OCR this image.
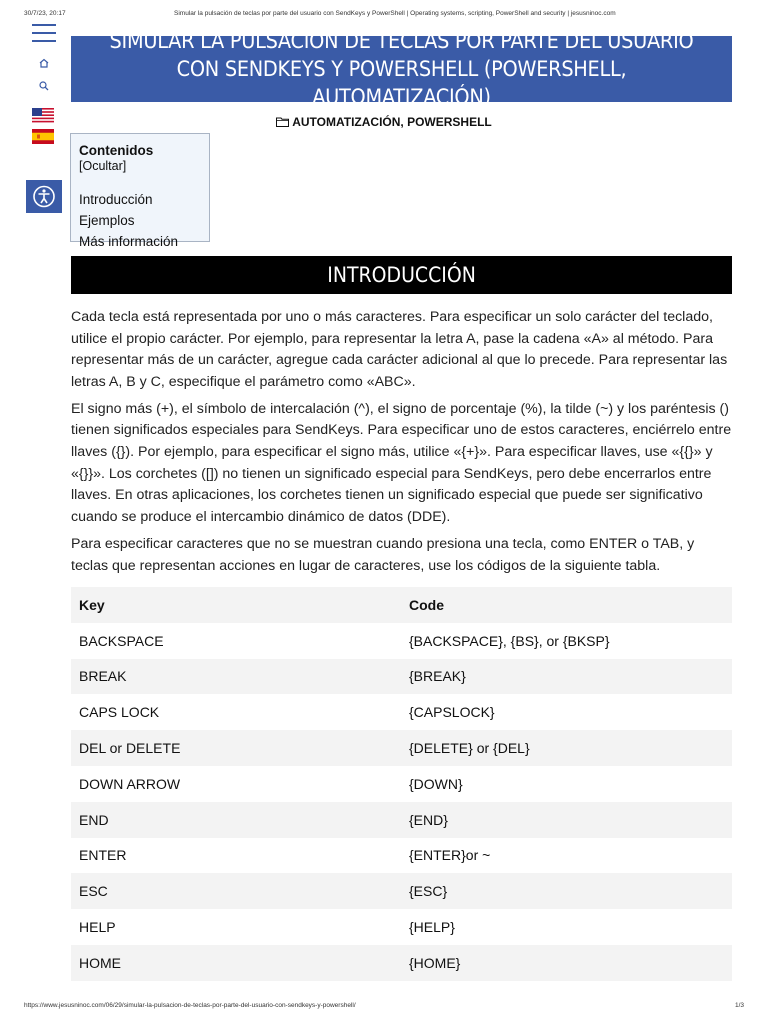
30/7/23, 20:17	Simular la pulsación de teclas por parte del usuario con SendKeys y PowerShell | Operating systems, scripting, PowerShell and security | jesusninoc.com
SIMULAR LA PULSACIÓN DE TECLAS POR PARTE DEL USUARIO CON SENDKEYS Y POWERSHELL (POWERSHELL, AUTOMATIZACIÓN)
AUTOMATIZACIÓN, POWERSHELL
Contenidos [Ocultar]
Introducción
Ejemplos
Más información
INTRODUCCIÓN

Cada tecla está representada por uno o más caracteres. Para especificar un solo carácter del teclado, utilice el propio carácter. Por ejemplo, para representar la letra A, pase la cadena «A» al método. Para representar más de un carácter, agregue cada carácter adicional al que lo precede. Para representar las letras A, B y C, especifique el parámetro como «ABC».

El signo más (+), el símbolo de intercalación (^), el signo de porcentaje (%), la tilde (~) y los paréntesis () tienen significados especiales para SendKeys. Para especificar uno de estos caracteres, enciérrelo entre llaves ({}). Por ejemplo, para especificar el signo más, utilice «{+}». Para especificar llaves, use «{{}» y «{}}». Los corchetes ([]) no tienen un significado especial para SendKeys, pero debe encerrarlos entre llaves. En otras aplicaciones, los corchetes tienen un significado especial que puede ser significativo cuando se produce el intercambio dinámico de datos (DDE).

Para especificar caracteres que no se muestran cuando presiona una tecla, como ENTER o TAB, y teclas que representan acciones en lugar de caracteres, use los códigos de la siguiente tabla.

Key	Code
BACKSPACE	{BACKSPACE}, {BS}, or {BKSP}
BREAK	{BREAK}
CAPS LOCK	{CAPSLOCK}
DEL or DELETE	{DELETE} or {DEL}
DOWN ARROW	{DOWN}
END	{END}
ENTER	{ENTER}or ~
ESC	{ESC}
HELP	{HELP}
HOME	{HOME}
https://www.jesusninoc.com/06/29/simular-la-pulsacion-de-teclas-por-parte-del-usuario-con-sendkeys-y-powershell/	1/3
